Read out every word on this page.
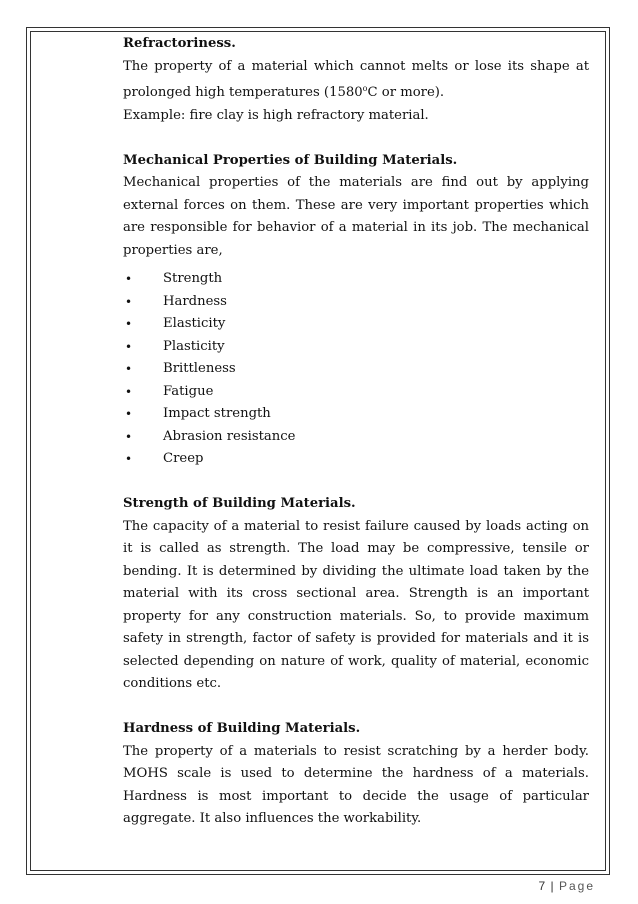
Refractoriness.

The property of a material which cannot melts or lose its shape at prolonged high temperatures (1580$^o$C or more).

Example: fire clay is high refractory material.

Mechanical Properties of Building Materials.

Mechanical properties of the materials are find out by applying external forces on them. These are very important properties which are responsible for behavior of a material in its job. The mechanical properties are,

• Strength
• Hardness
• Elasticity
• Plasticity
• Brittleness
• Fatigue
• Impact strength
• Abrasion resistance
• Creep
Strength of Building Materials.

The capacity of a material to resist failure caused by loads acting on it is called as strength. The load may be compressive, tensile or bending. It is determined by dividing the ultimate load taken by the material with its cross sectional area. Strength is an important property for any construction materials. So, to provide maximum safety in strength, factor of safety is provided for materials and it is selected depending on nature of work, quality of material, economic conditions etc.

Hardness of Building Materials.

The property of a materials to resist scratching by a herder body. MOHS scale is used to determine the hardness of a materials. Hardness is most important to decide the usage of particular aggregate. It also influences the workability.

7 | Page
